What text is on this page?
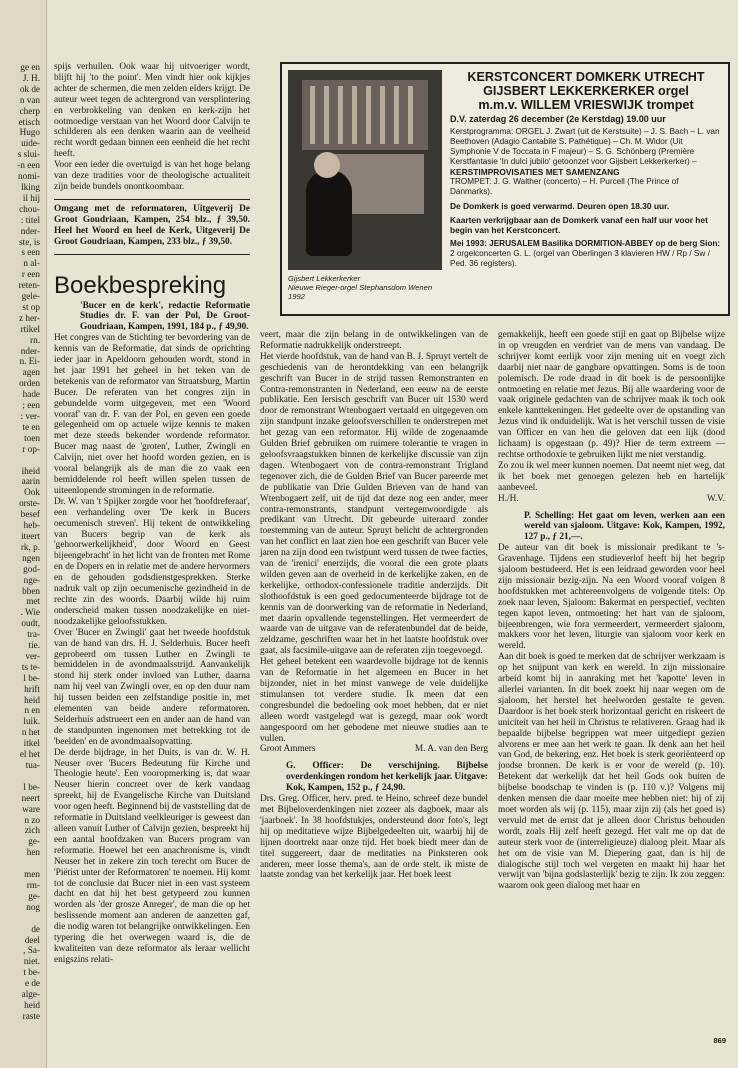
ge en
J. H.
ok de
n van
cherp
etisch
Hugo
uide-
s slui-
-n een
nomi-
lking
il hij
chou-
: titel
nder-
ste, is
s een
n al-
r een
reten-
gele-
st op
z her-
rtikel
rn.
nder-
n. Ei-
agen
orden
hade
; een
: ver-
te en
toen
r op-

iheid
aarin
Ook
orste-
besef
heb-
iteert
rk, p.
ngen
god-
nge-
bben
met
. Wie
oudt,
tra-
tie.
ver-
ts te-
l be-
hrift
heid
n en
luik.
n het
itkel
el het
tua-

l be-
neert
ware
n zo
zich
ge-
hen

men
rm-
ge-
nog

de
deel
, Sa-
niet.
t be-
e de
alge-
heid
raste

spijs verhullen. Ook waar hij uitvoeriger wordt, blijft hij 'to the point'. Men vindt hier ook kijkjes achter de schermen, die men zelden elders krijgt. De auteur weet tegen de achtergrond van versplintering en verbrokkeling van denken en kerk-zijn het ootmoedige verstaan van het Woord door Calvijn te schilderen als een denken waarin aan de veelheid recht wordt gedaan binnen een eenheid die het recht heeft.

Voor een ieder die overtuigd is van het hoge belang van deze tradities voor de theologische actualiteit zijn beide bundels onontkoombaar.

Omgang met de reformatoren, Uitgeverij De Groot Goudriaan, Kampen, 254 blz., ƒ 39,50. Heel het Woord en heel de Kerk, Uitgeverij De Groot Goudriaan, Kampen, 233 blz., ƒ 39,50.

Boekbespreking

'Bucer en de kerk', redactie Reformatie Studies dr. F. van der Pol, De Groot-Goudriaan, Kampen, 1991, 184 p., ƒ 49,90.

Het congres van de Stichting ter bevordering van de kennis van de Reformatie, dat sinds de oprichting ieder jaar in Apeldoorn gehouden wordt, stond in het jaar 1991 het geheel in het teken van de betekenis van de reformator van Straatsburg, Martin Bucer. De referaten van het congres zijn in gebundelde vorm uitgegeven, met een 'Woord vooraf' van dr. F. van der Pol, en geven een goede gelegenheid om op actuele wijze kennis te maken met deze steeds bekender wordende reformator. Bucer mag naast de 'groten', Luther, Zwingli en Calvijn, niet over het hoofd worden gezien, en is vooral belangrijk als de man die zo vaak een bemiddelende rol heeft willen spelen tussen de uiteenlopende stromingen in de reformatie.

Dr. W. van 't Spijker zorgde voor het 'hoofdreferaat', een verhandeling over 'De kerk in Bucers oecumenisch streven'. Hij tekent de ontwikkeling van Bucers begrip van de kerk als 'gehoorwerkelijkheid', door Woord en Geest bijeengebracht' in het licht van de fronten met Rome en de Dopers en in relatie met de andere hervormers en de gehouden godsdienstgesprekken. Sterke nadruk valt op zijn oecumenische gezindheid in de rechte zin des woords. Daarbij wilde hij ruim onderscheid maken tussen noodzakelijke en niet-noodzakelijke geloofsstukken.

Over 'Bucer en Zwingli' gaat het tweede hoofdstuk van de hand van drs. H. J. Selderhuis. Bucer heeft geprobeerd om tussen Luther en Zwingli te bemiddelen in de avondmaalsstrijd. Aanvankelijk stond hij sterk onder invloed van Luther, daarna nam hij veel van Zwingli over, en op den duur nam hij tussen beiden een zelfstandige positie in, met elementen van beide andere reformatoren. Selderhuis adstrueert een en ander aan de hand van de standpunten ingenomen met betrekking tot de 'beelden' en de avondmaalsopvatting.

De derde bijdrage, in het Duits, is van dr. W. H. Neuser over 'Bucers Bedeutung für Kirche und Theologie heute'. Een vooropmerking is, dat waar Neuser hierin concreet over de kerk vandaag spreekt, hij de Evangelische Kirche van Duitsland voor ogen heeft. Beginnend bij de vaststelling dat de reformatie in Duitsland veelkleuriger is geweest dan alleen vanuit Luther of Calvijn gezien, bespreekt hij een aantal hoofdzaken van Bucers program van reformatie. Hoewel het een anachronisme is, vindt Neuser het in zekere zin toch terecht om Bucer de 'Piëtist unter der Reformatoren' te noemen. Hij komt tot de conclusie dat Bucer niet in een vast systeem dacht en dat hij het best getypeerd zou kunnen worden als 'der grosze Anreger', de man die op het beslissende moment aan anderen de aanzetten gaf, die nodig waren tot belangrijke ontwikkelingen. Een typering die het overwegen waard is, die de kwaliteiten van deze reformator als leraar wellicht enigszins relati-

Gijsbert Lekkerkerker
Nieuwe Rieger-orgel Stephansdom Wenen 1992
KERSTCONCERT DOMKERK UTRECHT
GIJSBERT LEKKERKERKER orgel
m.m.v. WILLEM VRIESWIJK trompet
D.V. zaterdag 26 december (2e Kerstdag) 19.00 uur
Kerstprogramma: ORGEL J. Zwart (uit de Kerstsuite) – J. S. Bach – L. van Beethoven (Adagio Cantabile S. Pathétique) – Ch. M. Widor (Uit Symphonie V de Toccata in F majeur) – S. G. Schönberg (Première Kerstfantasie 'In dulci jubilo' getoonzet voor Gijsbert Lekkerkerker) –
KERSTIMPROVISATIES MET SAMENZANG
TROMPET: J. G. Walther (concerto) – H. Purcell (The Prince of Danmarks).
De Domkerk is goed verwarmd. Deuren open 18.30 uur.
Kaarten verkrijgbaar aan de Domkerk vanaf een half uur voor het begin van het Kerstconcert.
Mei 1993: JERUSALEM Basilika DORMITION-ABBEY op de berg Sion: 2 orgelconcerten G. L. (orgel van Oberlingen 3 klavieren HW / Rp / Sw / Ped. 36 registers).

veert, maar die zijn belang in de ontwikkelingen van de Reformatie nadrukkelijk onderstreept.

Het vierde hoofdstuk, van de hand van B. J. Spruyt vertelt de geschiedenis van de herontdekking van een belangrijk geschrift van Bucer in de strijd tussen Remonstranten en Contra-remonstranten in Nederland, een eeuw na de eerste publikatie. Een Iersisch geschrift van Bucer uit 1530 werd door de remonstrant Wtenbogaert vertaald en uitgegeven om zijn standpunt inzake geloofsverschillen te onderstrepen met het gezag van een reformator. Hij wilde de zogenaamde Gulden Brief gebruiken om ruimere tolerantie te vragen in geloofsvraagstukken binnen de kerkelijke discussie van zijn dagen. Wtenbogaert von de contra-remonstrant Trigland tegenover zich, die de Gulden Brief van Bucer pareerde met de publikatie van Drie Gulden Brieven van de hand van Wtenbogaert zelf, uit de tijd dat deze nog een ander, meer contra-remonstrants, standpunt vertegenwoordigde als predikant van Utrecht. Dit gebeurde uiteraard zonder toestemming van de auteur. Spruyt belicht de achtergronden van het conflict en laat zien hoe een geschrift van Bucer vele jaren na zijn dood een twistpunt werd tussen de twee facties, van de 'irenici' enerzijds, die vooral die een grote plaats wilden geven aan de overheid in de kerkelijke zaken, en de kerkelijke, orthodox-confessionele traditie anderzijds. Dit slothoofdstuk is een goed gedocumenteerde bijdrage tot de kennis van de doorwerking van de reformatie in Nederland, met daarin opvallende tegenstellingen. Het vermeerdert de waarde van de uitgave van de referatenbundel dat de beide, zeldzame, geschriften waar het in het laatste hoofdstuk over gaat, als facsimile-uitgave aan de referaten zijn toegevoegd.

Het geheel betekent een waardevolle bijdrage tot de kennis van de Reformatie in het algemeen en Bucer in het bijzonder, niet in het minst vanwege de vele duidelijke stimulansen tot verdere studie. Ik meen dat een congresbundel die bedoeling ook moet hebben, dat er niet alleen wordt vastgelegd wat is gezegd, maar ook wordt aangespoord om het gebodene met nieuwe studies aan te vullen.

Groot Ammers	M. A. van den Berg

G. Officer: De verschijning. Bijbelse overdenkingen rondom het kerkelijk jaar. Uitgave: Kok, Kampen, 152 p., ƒ 24,90.

Drs. Greg. Officer, herv. pred. te Heino, schreef deze bundel met Bijbeloverdenkingen niet zozeer als dagboek, maar als 'jaarboek'. In 38 hoofdstukjes, ondersteund door foto's, legt hij op meditatieve wijze Bijbelgedeelten uit, waarbij hij de lijnen doortrekt naar onze tijd. Het boek biedt meer dan de titel suggereert, daar de meditaties na Pinksteren ook anderen, meer losse thema's, aan de orde stelt. ik miste de laatste zondag van het kerkelijk jaar. Het boek leest

gemakkelijk, heeft een goede stijl en gaat op Bijbelse wijze in op vreugden en verdriet van de mens van vandaag. De schrijver komt eerlijk voor zijn mening uit en voegt zich daarbij niet naar de gangbare opvattingen. Soms is de toon polemisch. De rode draad in dit boek is de persoonlijke ontmoeting en relatie met Jezus. Bij alle waardering voor de vaak originele gedachten van de schrijver maak ik toch ook enkele kanttekeningen. Het gedeelte over de opstanding van Jezus vind ik onduidelijk. Wat is het verschil tussen de visie van Officer en van hen die geloven dat een lijk (dood lichaam) is opgestaan (p. 49)? Hier de term extreem — rechtse orthodoxie te gebruiken lijkt me niet verstandig.

Zo zou ik wel meer kunnen noemen. Dat neemt niet weg, dat ik het boek met genoegen gelezen heb en hartelijk aanbeveel.

H./H.	W.V.

P. Schelling: Het gaat om leven, werken aan een wereld van sjaloom. Uitgave: Kok, Kampen, 1992, 127 p., ƒ 21,—.

De auteur van dit boek is missionair predikant te 's-Gravenhage. Tijdens een studieverlof heeft hij het begrip sjaloom bestudeerd. Het is een leidraad geworden voor heel zijn missionair bezig-zijn. Na een Woord vooraf volgen 8 hoofdstukken met achtereenvolgens de volgende titels: Op zoek naar leven, Sjaloom: Bakermat en perspectief, vechten tegen kapot leven, ontmoeting: het hart van de sjaloom, bijeenbrengen, wie fora vermeerdert, vermeerdert sjaloom, makkers voor het leven, liturgie van sjaloom voor kerk en wereld.

Aan dit boek is goed te merken dat de schrijver werkzaam is op het snijpunt van kerk en wereld. In zijn missionaire arbeid komt hij in aanraking met het 'kapotte' leven in allerlei varianten. In dit boek zoekt hij naar wegen om de sjaloom, het herstel het heelworden gestalte te geven. Daardoor is het boek sterk horizontaal gericht en riskeert de uniciteit van het heil in Christus te relativeren. Graag had ik bepaalde bijbelse begrippen wat meer uitgediept gezien alvorens er mee aan het werk te gaan. Ik denk aan het heil van God, de bekering, enz. Het boek is sterk georiënteerd op joodse bronnen. De kerk is er voor de wereld (p. 10). Betekent dat werkelijk dat het heil Gods ook buiten de bijbelse boodschap te vinden is (p. 110 v.)? Volgens mij denken mensen die daar moeite mee hebben niet: hij of zij moet worden als wij (p. 115), maar zijn zij (als het goed is) vervuld met de ernst dat je alleen door Christus behouden wordt, zoals Hij zelf heeft gezegd. Het valt me op dat de auteur sterk voor de (interreligieuze) dialoog pleit. Maar als het om de visie van M. Diepering gaat, dan is hij de dialogische stijl toch wel vergeten en maakt hij haar het verwijt van 'bijna godslasterlijk' bezig te zijn. Ik zou zeggen: waarom ook geen dialoog met haar en

869
